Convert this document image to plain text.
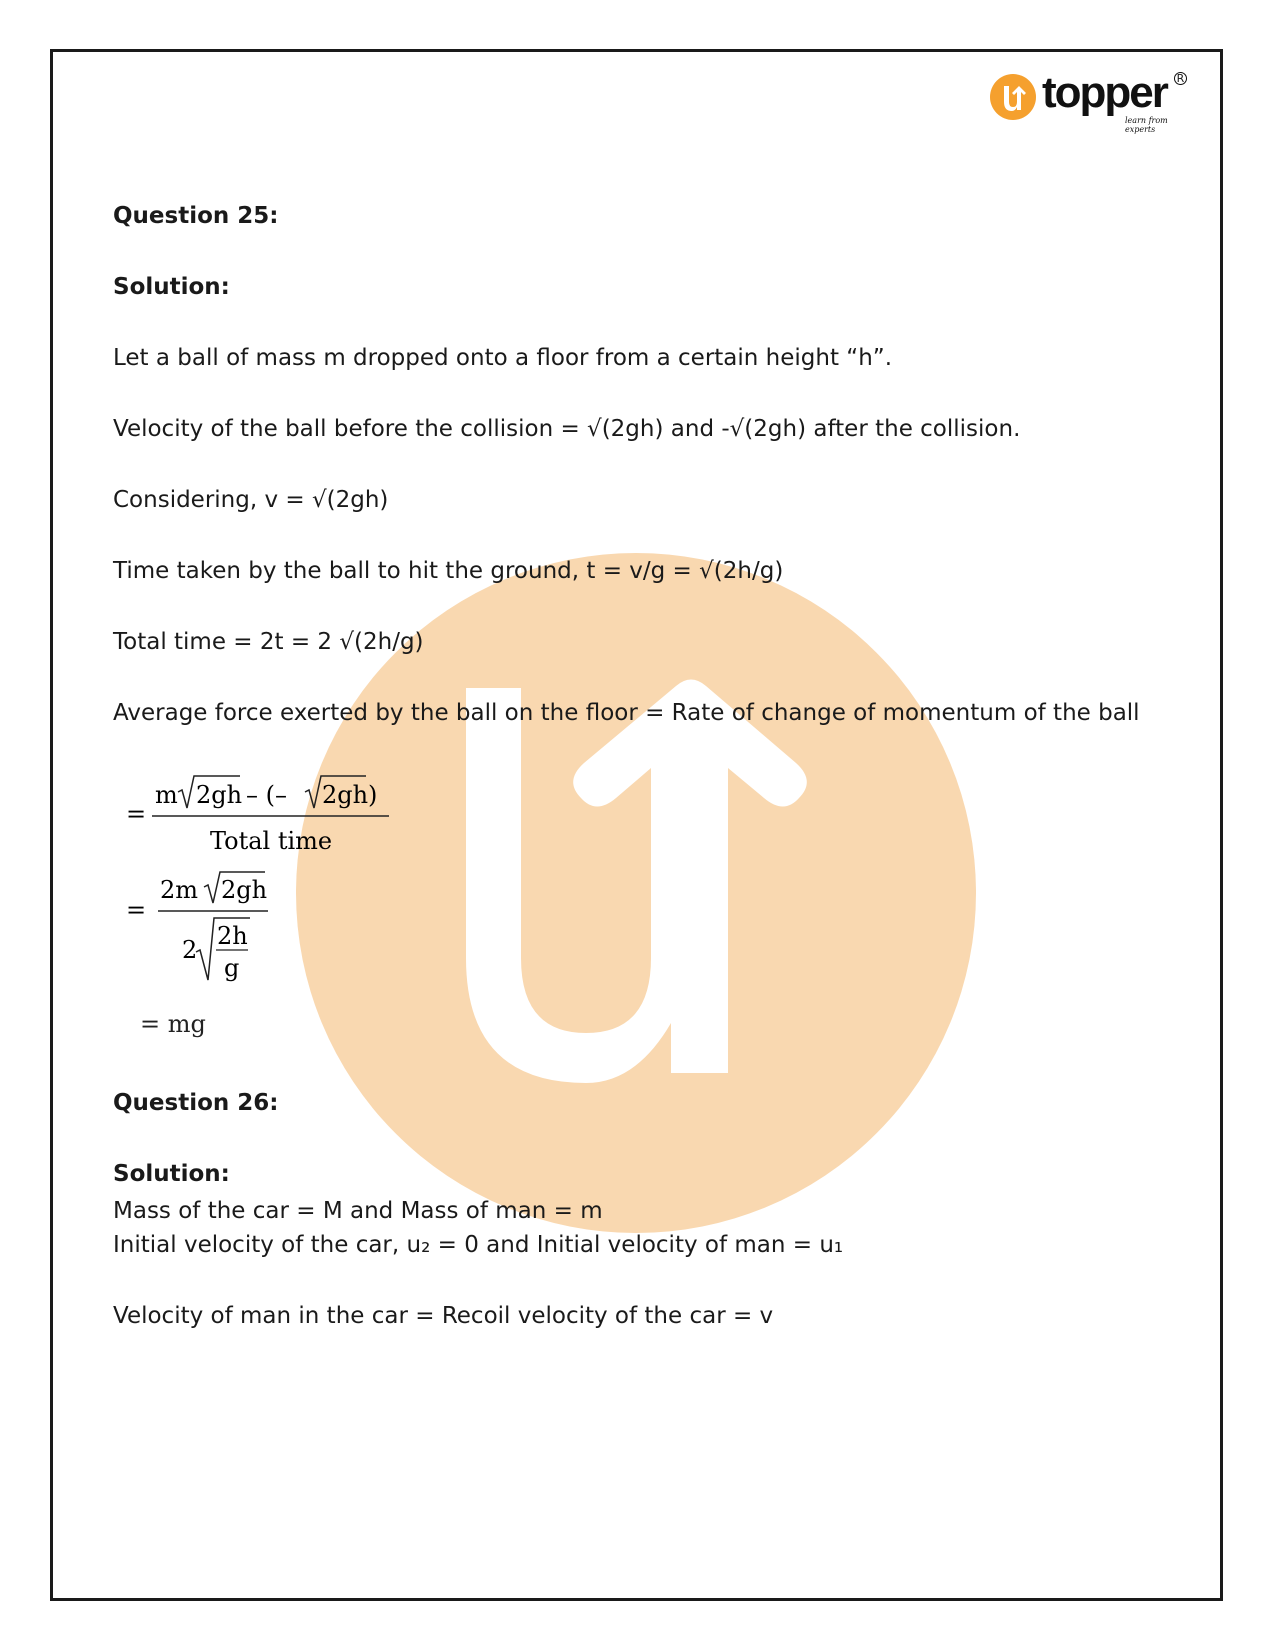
topper R
learn from experts
Question 25:
Solution:
Let a ball of mass m dropped onto a floor from a certain height “h”.
Velocity of the ball before the collision = √(2gh) and -√(2gh) after the collision.
Considering, v = √(2gh)
Time taken by the ball to hit the ground, t = v/g = √(2h/g)
Total time = 2t = 2 √(2h/g)
Average force exerted by the ball on the floor = Rate of change of momentum of the ball
=
m 2gh – (– 2gh )
Total time
=
2m 2gh
2 2h
g
= mg
Question 26:
Solution:
Mass of the car = M and Mass of man = m
Initial velocity of the car, u₂ = 0 and Initial velocity of man = u₁
Velocity of man in the car = Recoil velocity of the car = v
